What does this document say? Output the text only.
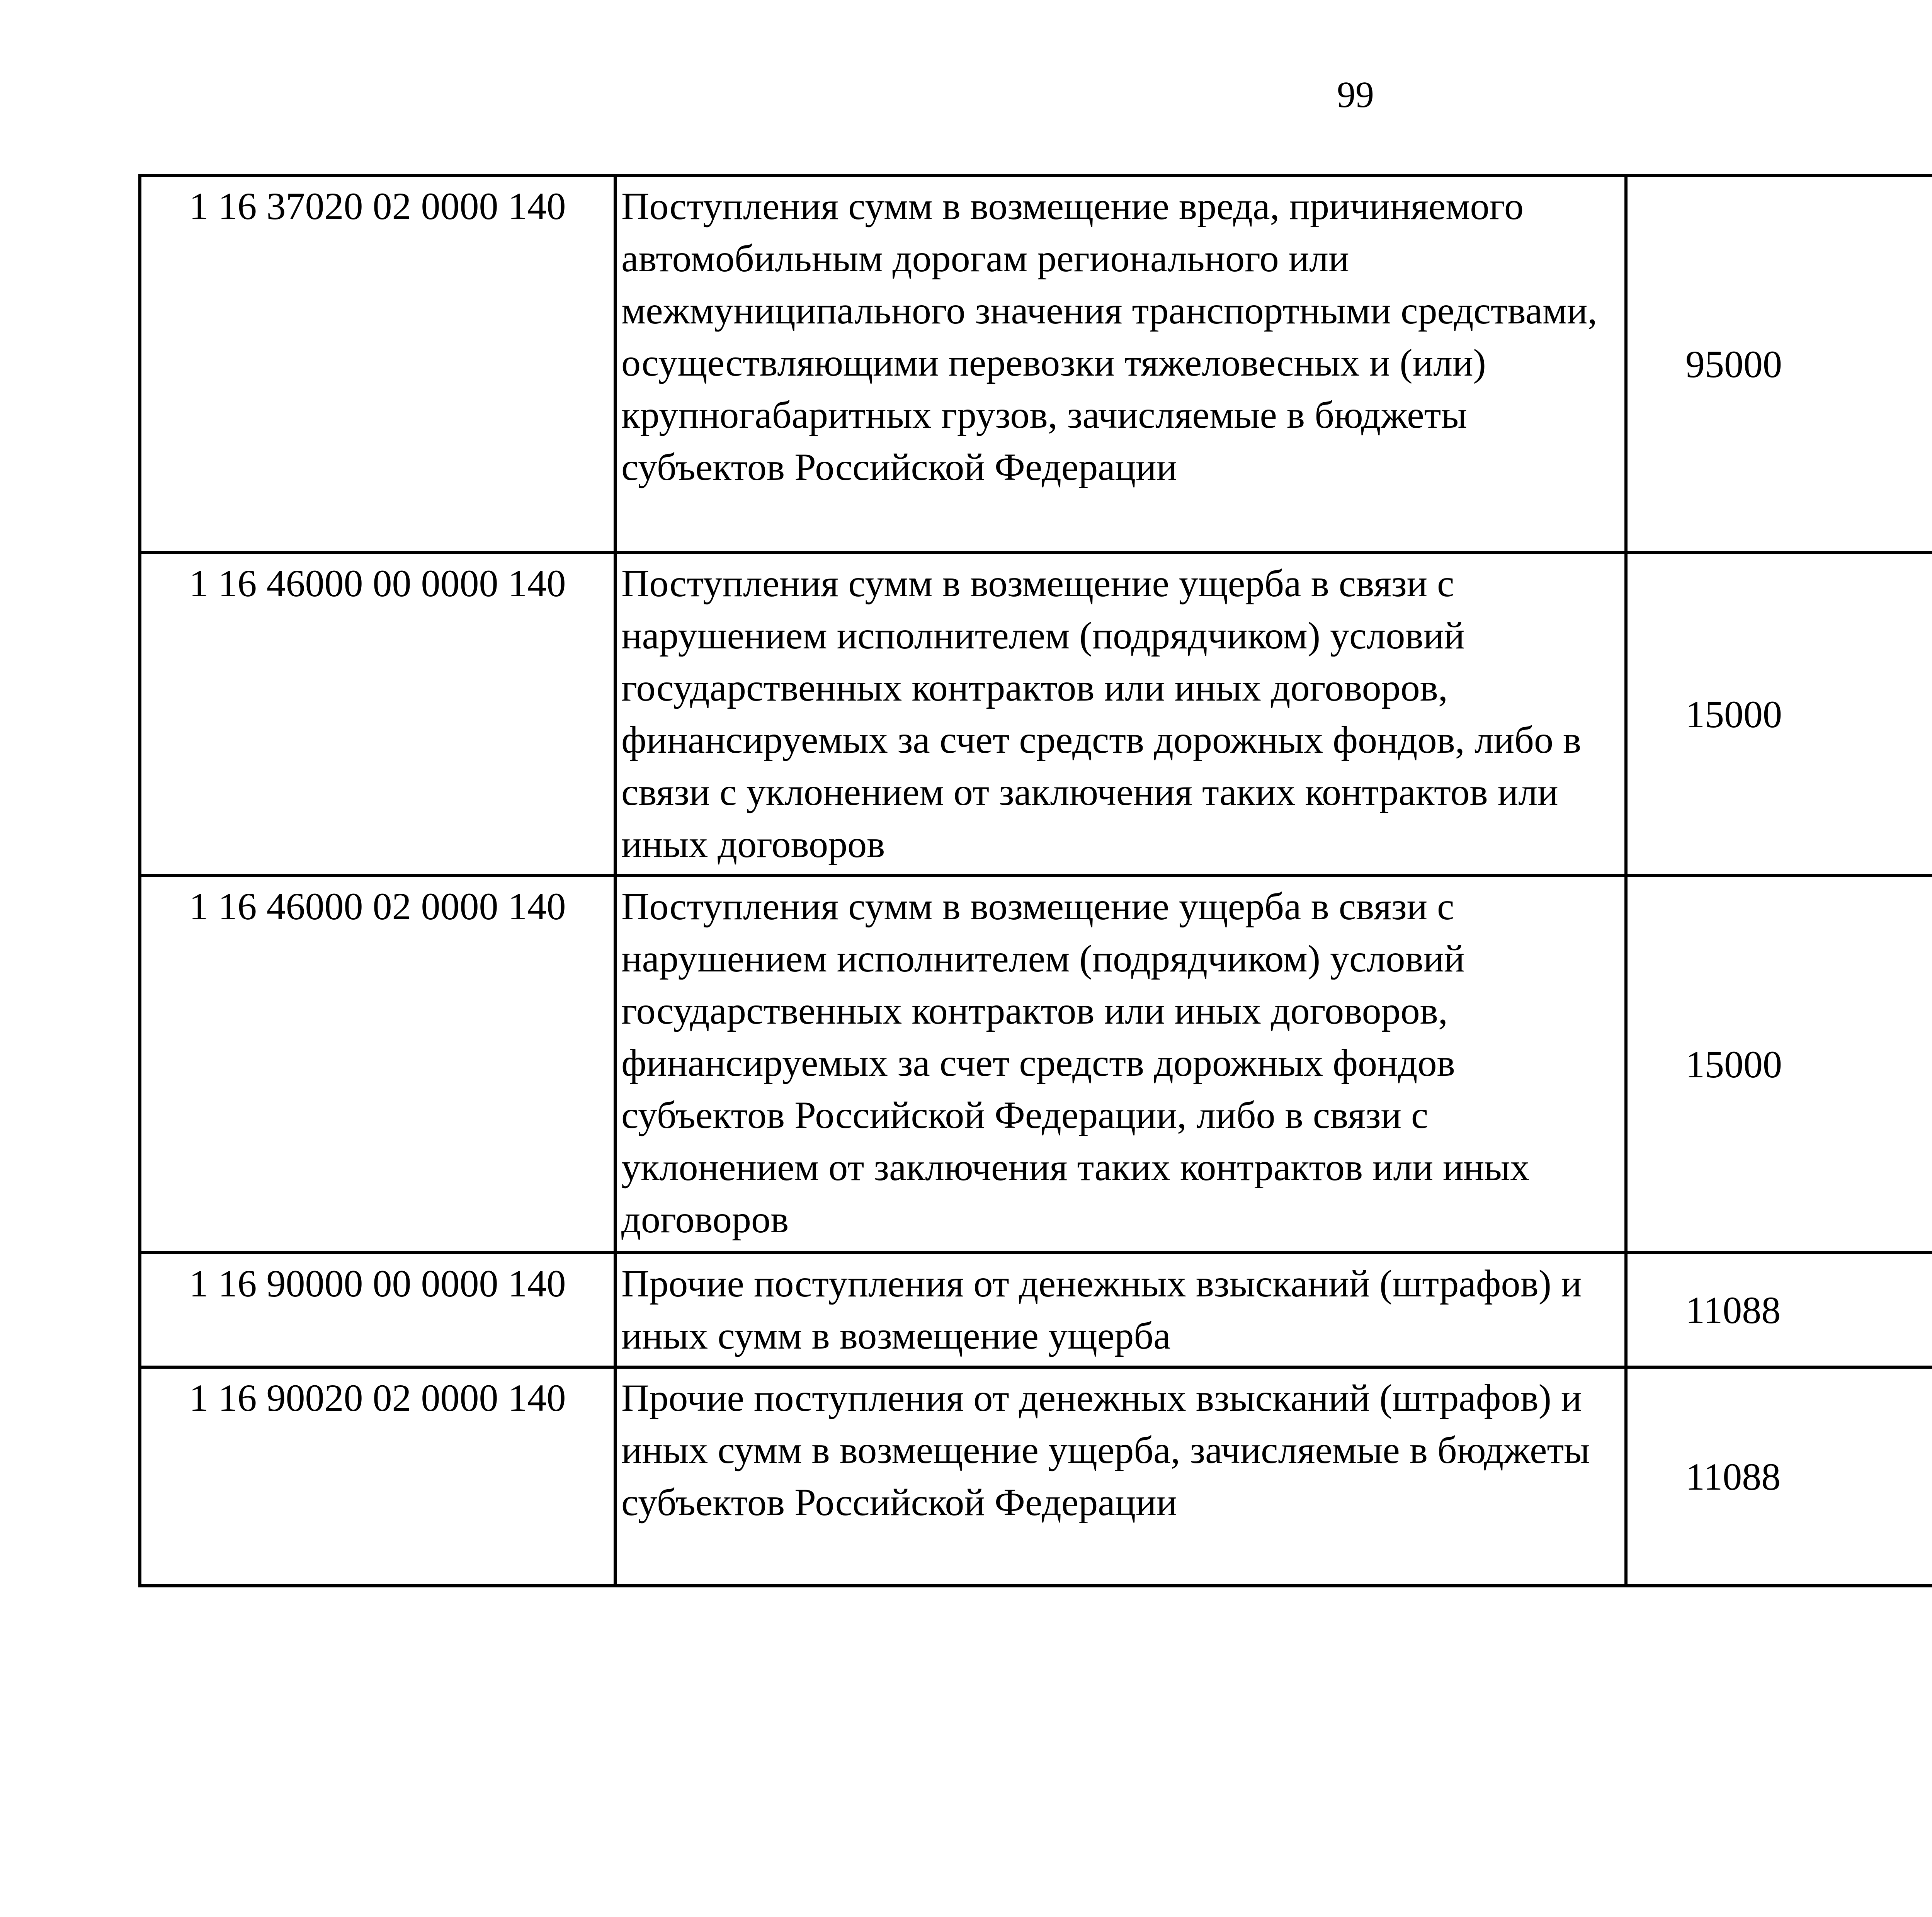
99
1 16 37020 02 0000 140	Поступления сумм в возмещение вреда, причиняемого автомобильным дорогам регионального или межмуниципального значения транспортными средствами, осуществляющими перевозки тяжеловесных и (или) крупногабаритных грузов, зачисляемые в бюджеты субъектов Российской Федерации	95000		
1 16 46000 00 0000 140	Поступления сумм в возмещение ущерба в связи с нарушением исполнителем (подрядчиком) условий государственных контрактов или иных договоров, финансируемых за счет средств дорожных фондов, либо в связи с уклонением от заключения таких контрактов или иных договоров	15000		
1 16 46000 02 0000 140	Поступления сумм в возмещение ущерба в связи с нарушением исполнителем (подрядчиком) условий государственных контрактов или иных договоров, финансируемых за счет средств дорожных фондов субъектов Российской Федерации, либо в связи с уклонением от заключения таких контрактов или иных договоров	15000		
1 16 90000 00 0000 140	Прочие поступления от денежных взысканий (штрафов) и иных сумм в возмещение ущерба	11088		
1 16 90020 02 0000 140	Прочие поступления от денежных взысканий (штрафов) и иных сумм в возмещение ущерба, зачисляемые в бюджеты субъектов Российской Федерации	11088		
